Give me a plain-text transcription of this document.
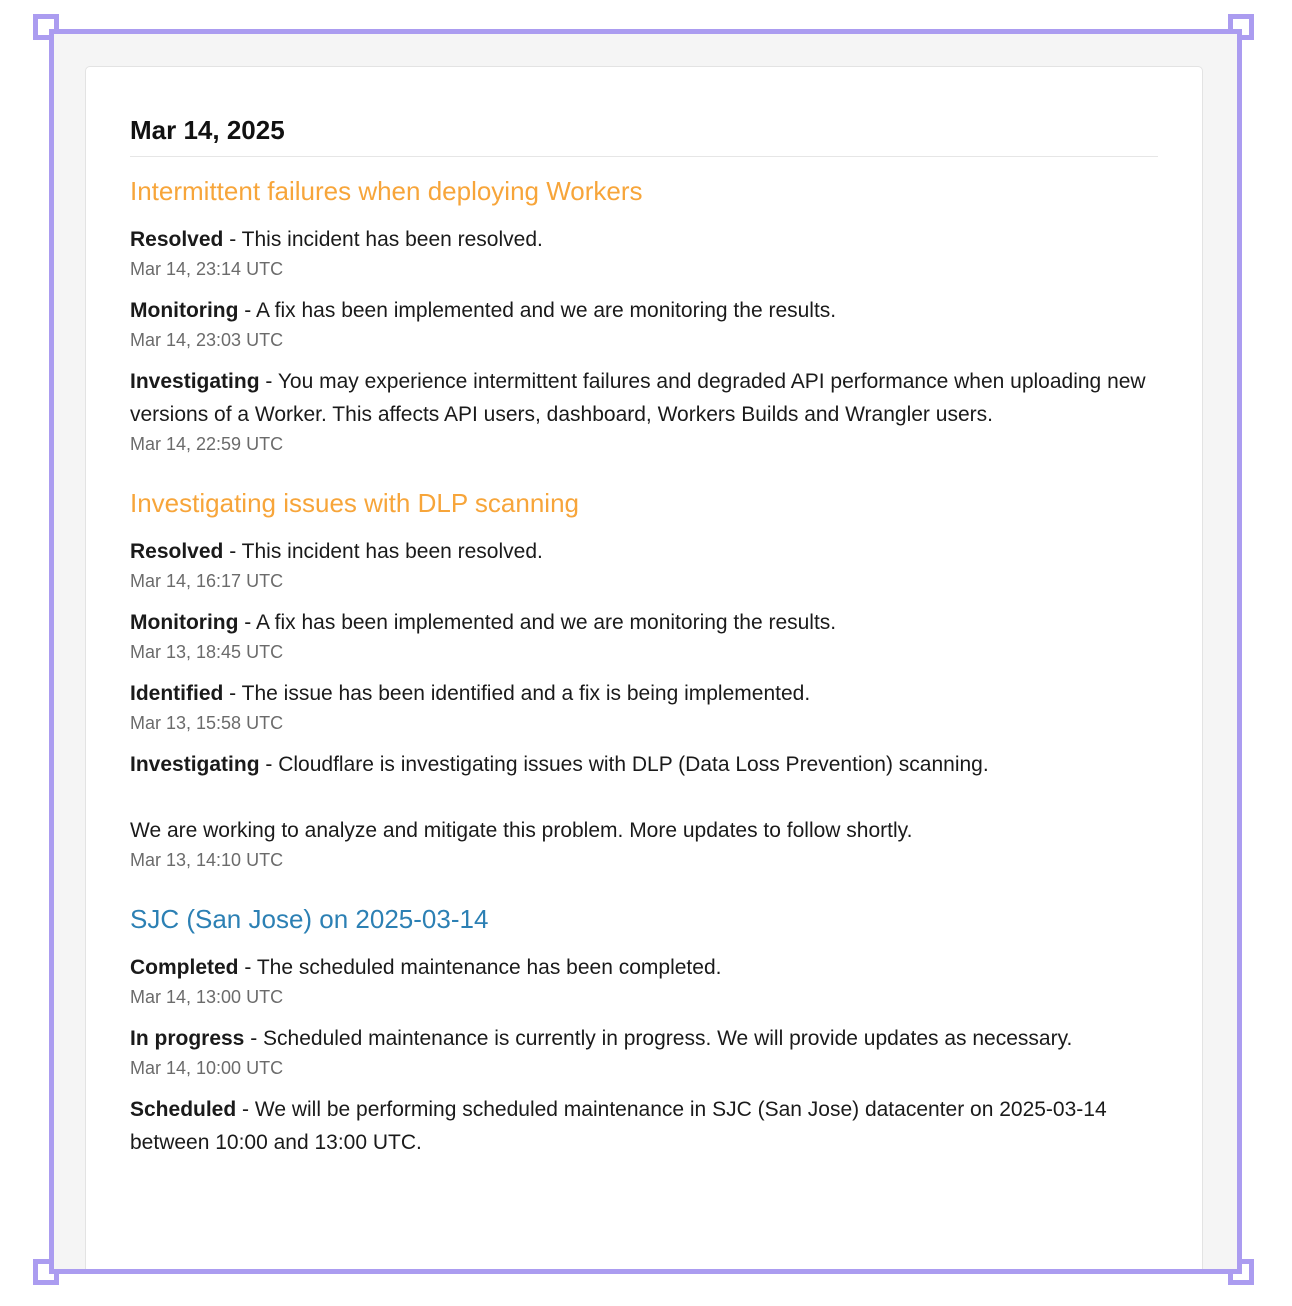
Mar 14, 2025
Intermittent failures when deploying Workers

Resolved - This incident has been resolved.

Mar 14, 23:14 UTC

Monitoring - A fix has been implemented and we are monitoring the results.

Mar 14, 23:03 UTC

Investigating - You may experience intermittent failures and degraded API performance when uploading new versions of a Worker. This affects API users, dashboard, Workers Builds and Wrangler users.

Mar 14, 22:59 UTC
Investigating issues with DLP scanning

Resolved - This incident has been resolved.

Mar 14, 16:17 UTC

Monitoring - A fix has been implemented and we are monitoring the results.

Mar 13, 18:45 UTC

Identified - The issue has been identified and a fix is being implemented.

Mar 13, 15:58 UTC

Investigating - Cloudflare is investigating issues with DLP (Data Loss Prevention) scanning.

We are working to analyze and mitigate this problem. More updates to follow shortly.

Mar 13, 14:10 UTC
SJC (San Jose) on 2025-03-14

Completed - The scheduled maintenance has been completed.

Mar 14, 13:00 UTC

In progress - Scheduled maintenance is currently in progress. We will provide updates as necessary.

Mar 14, 10:00 UTC

Scheduled - We will be performing scheduled maintenance in SJC (San Jose) datacenter on 2025-03-14 between 10:00 and 13:00 UTC.
